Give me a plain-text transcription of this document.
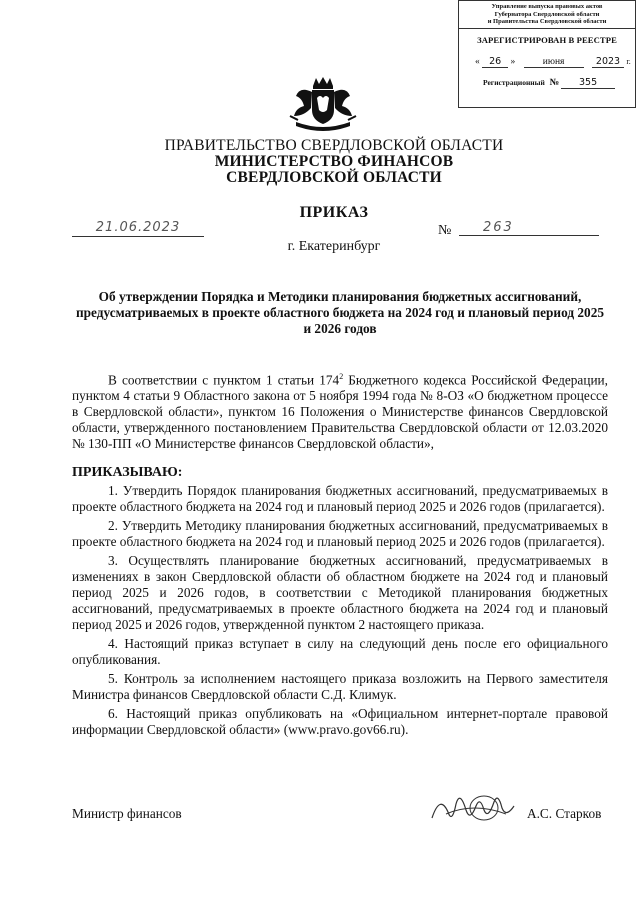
Управление выпуска правовых актов
Губернатора Свердловской области
и Правительства Свердловской области
ЗАРЕГИСТРИРОВАН В РЕЕСТРЕ
« 26 »	июня	2023 г.
Регистрационный № 355
ПРАВИТЕЛЬСТВО СВЕРДЛОВСКОЙ ОБЛАСТИ
МИНИСТЕРСТВО ФИНАНСОВ
СВЕРДЛОВСКОЙ ОБЛАСТИ
ПРИКАЗ
21.06.2023	№	263
г. Екатеринбург
Об утверждении Порядка и Методики планирования бюджетных ассигнований, предусматриваемых в проекте областного бюджета на 2024 год и плановый период 2025 и 2026 годов

В соответствии с пунктом 1 статьи $174^2$ Бюджетного кодекса Российской Федерации, пунктом 4 статьи 9 Областного закона от 5 ноября 1994 года № 8-ОЗ «О бюджетном процессе в Свердловской области», пунктом 16 Положения о Министерстве финансов Свердловской области, утвержденного постановлением Правительства Свердловской области от 12.03.2020 № 130-ПП «О Министерстве финансов Свердловской области»,

ПРИКАЗЫВАЮ:

1. Утвердить Порядок планирования бюджетных ассигнований, предусматриваемых в проекте областного бюджета на 2024 год и плановый период 2025 и 2026 годов (прилагается).

2. Утвердить Методику планирования бюджетных ассигнований, предусматриваемых в проекте областного бюджета на 2024 год и плановый период 2025 и 2026 годов (прилагается).

3. Осуществлять планирование бюджетных ассигнований, предусматриваемых в изменениях в закон Свердловской области об областном бюджете на 2024 год и плановый период 2025 и 2026 годов, в соответствии с Методикой планирования бюджетных ассигнований, предусматриваемых в проекте областного бюджета на 2024 год и плановый период 2025 и 2026 годов, утвержденной пунктом 2 настоящего приказа.

4. Настоящий приказ вступает в силу на следующий день после его официального опубликования.

5. Контроль за исполнением настоящего приказа возложить на Первого заместителя Министра финансов Свердловской области С.Д. Климук.

6. Настоящий приказ опубликовать на «Официальном интернет-портале правовой информации Свердловской области» (www.pravo.gov66.ru).

Министр финансов	А.С. Старков
